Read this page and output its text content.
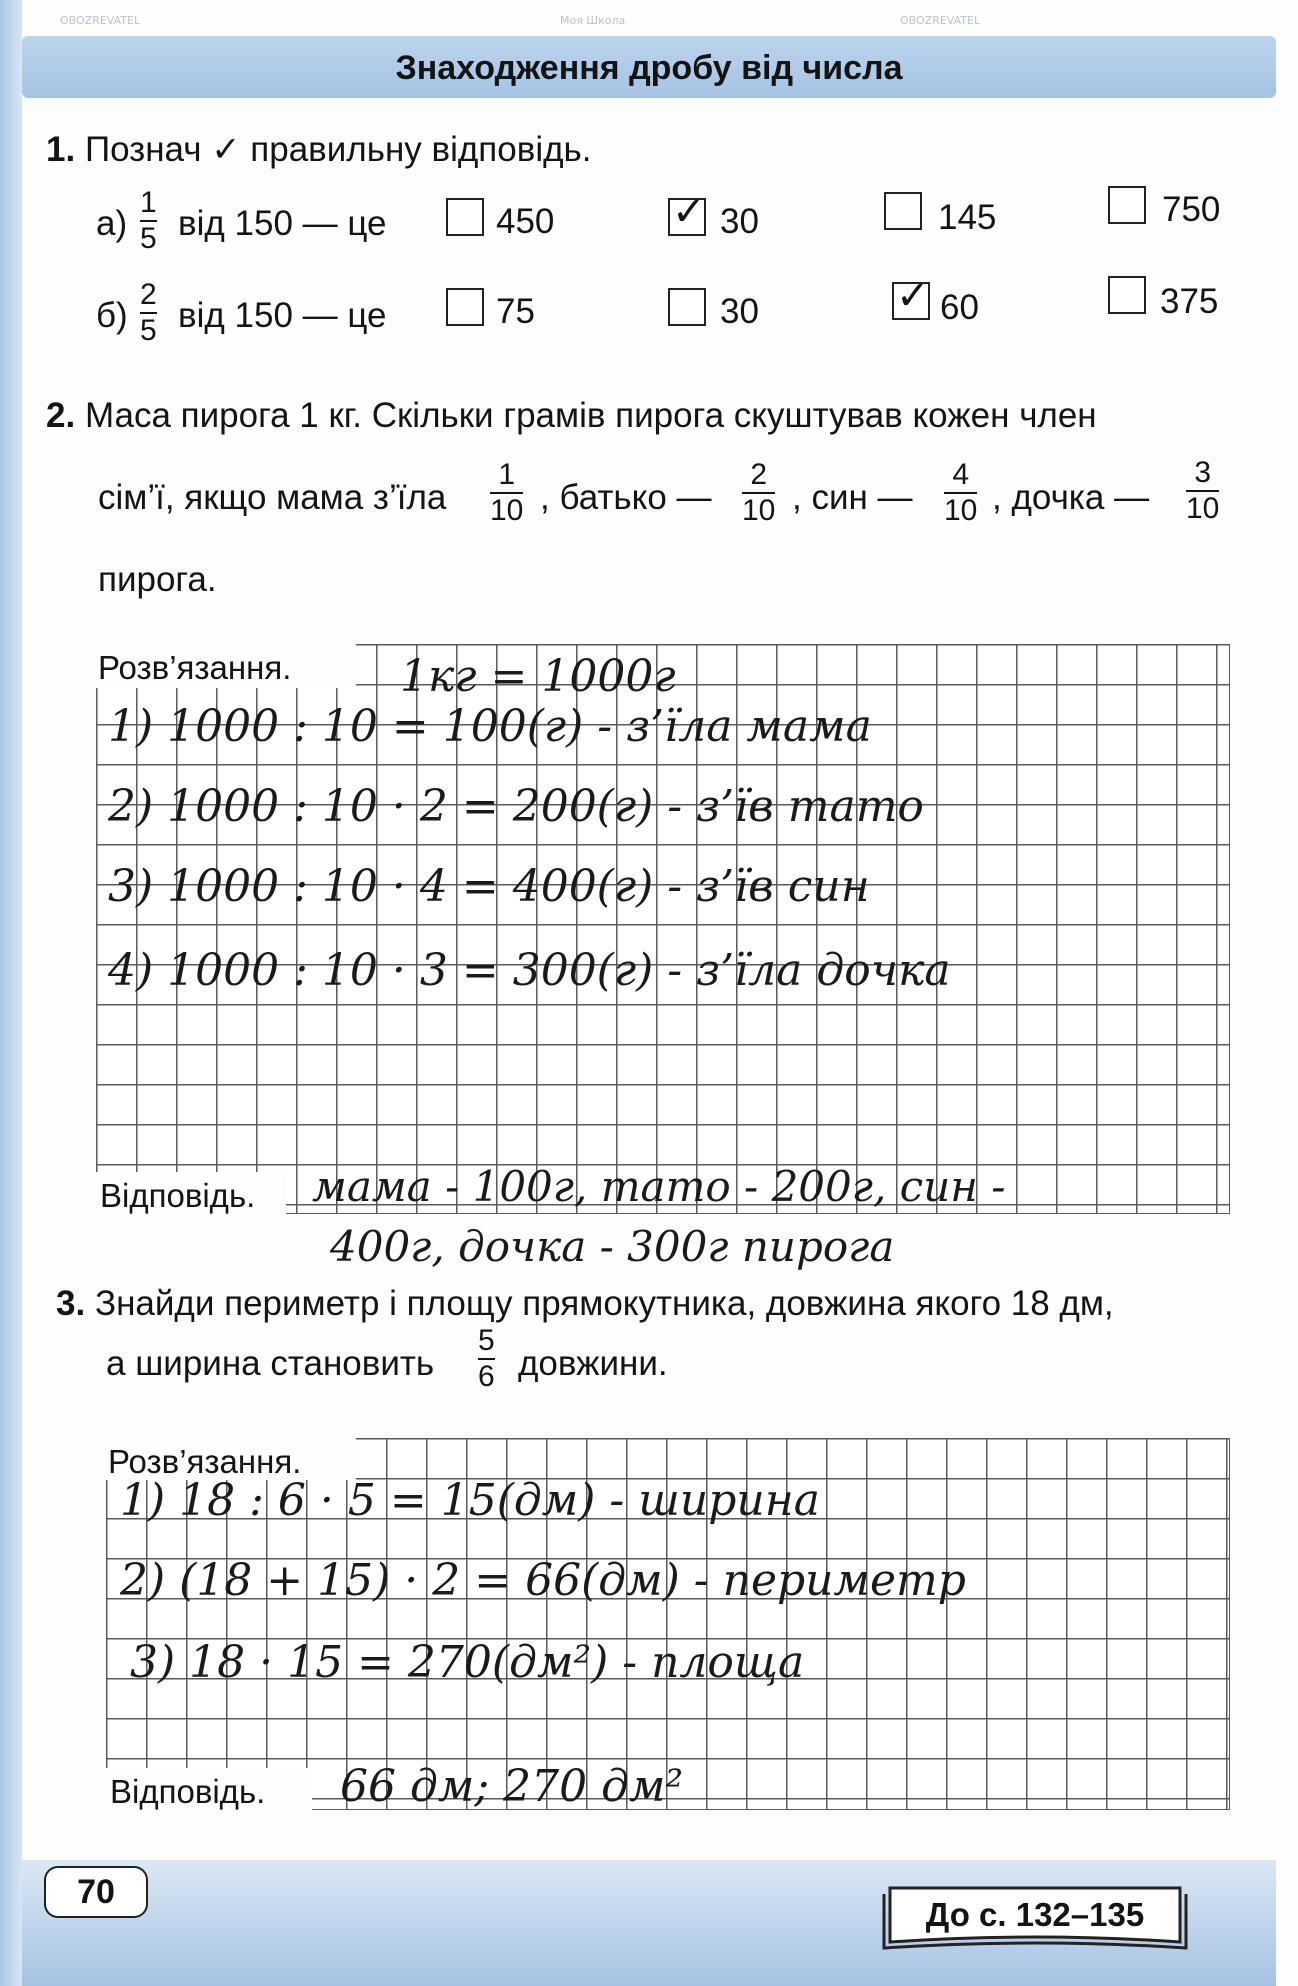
Знаходження дробу від числа
1. Познач ✓ правильну відповідь.
а)
1
5 від 150 — це	450	✓ 30	145	750
б)
2
5 від 150 — це	75	30	✓ 60	375
2. Маса пирога 1 кг. Скільки грамів пирога скуштував кожен член
сім’ї, якщо мама з’їла
1
10 , батько —
2
10 , син —
4
10 , дочка —
3
10
пирога.
Розв’язання.
Відповідь.
1кг = 1000г
1) 1000 : 10 = 100(г) - з’їла мама
2) 1000 : 10 · 2 = 200(г) - з’їв тато
3) 1000 : 10 · 4 = 400(г) - з’їв син
4) 1000 : 10 · 3 = 300(г) - з’їла дочка
мама - 100г, тато - 200г, син -
400г, дочка - 300г пирога
3. Знайди периметр і площу прямокутника, довжина якого 18 дм,
а ширина становить
5
6 довжини.
Розв’язання.
Відповідь.
1) 18 : 6 · 5 = 15(дм) - ширина
2) (18 + 15) · 2 = 66(дм) - периметр
3) 18 · 15 = 270(дм²) - площа
66 дм; 270 дм²
70
До с. 132–135
OBOZREVATEL	Моя Школа	OBOZREVATEL
